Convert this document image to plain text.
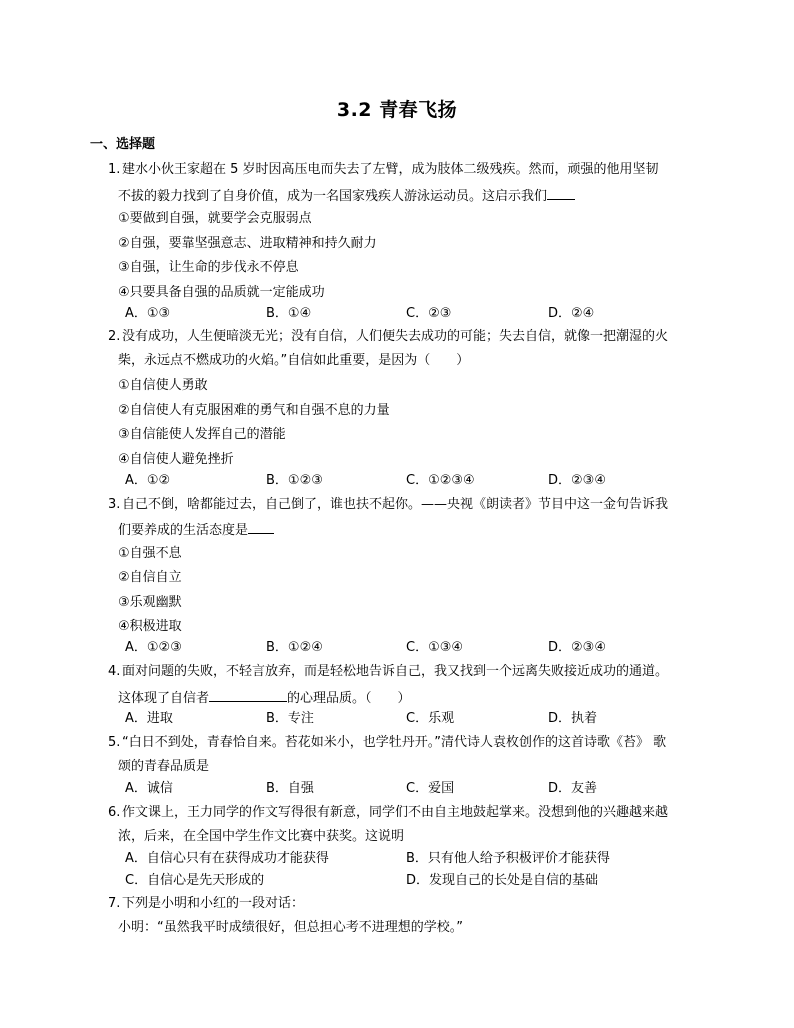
3.2 青春飞扬
一、选择题
1. 建水小伙王家超在 5 岁时因高压电而失去了左臂，成为肢体二级残疾。然而，顽强的他用坚韧
不拔的毅力找到了自身价值，成为一名国家残疾人游泳运动员。这启示我们
①要做到自强，就要学会克服弱点
②自强，要靠坚强意志、进取精神和持久耐力
③自强，让生命的步伐永不停息
④只要具备自强的品质就一定能成功
A．①③	B．①④	C．②③	D．②④
2. 没有成功，人生便暗淡无光；没有自信，人们便失去成功的可能；失去自信，就像一把潮湿的火
柴，永远点不燃成功的火焰。”自信如此重要，是因为（　　）
①自信使人勇敢
②自信使人有克服困难的勇气和自强不息的力量
③自信能使人发挥自己的潜能
④自信使人避免挫折
A．①②	B．①②③	C．①②③④	D．②③④
3. 自己不倒，啥都能过去，自己倒了，谁也扶不起你。——央视《朗读者》节目中这一金句告诉我
们要养成的生活态度是
①自强不息
②自信自立
③乐观幽默
④积极进取
A．①②③	B．①②④	C．①③④	D．②③④
4. 面对问题的失败，不轻言放弃，而是轻松地告诉自己，我又找到一个远离失败接近成功的通道。
这体现了自信者	的心理品质。（　　）
A．进取	B．专注	C．乐观	D．执着
5. “白日不到处，青春恰自来。苔花如米小，也学牡丹开。”清代诗人袁枚创作的这首诗歌《苔》 歌
颂的青春品质是
A．诚信	B．自强	C．爱国	D．友善
6. 作文课上，王力同学的作文写得很有新意，同学们不由自主地鼓起掌来。没想到他的兴趣越来越
浓，后来，在全国中学生作文比赛中获奖。这说明
A．自信心只有在获得成功才能获得	B．只有他人给予积极评价才能获得
C．自信心是先天形成的	D．发现自己的长处是自信的基础
7. 下列是小明和小红的一段对话：
小明：“虽然我平时成绩很好，但总担心考不进理想的学校。”
